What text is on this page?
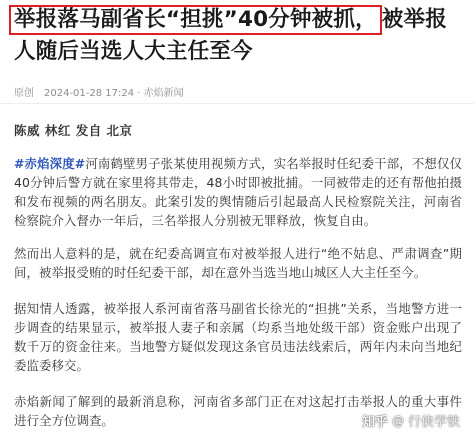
举报落马副省长“担挑”40分钟被抓， 被举报人随后当选人大主任至今
原创 2024-01-28 17:24 · 赤焰新闻
陈威 林红 发自 北京

#赤焰深度#河南鹤壁男子张某使用视频方式，实名举报时任纪委干部，不想仅仅40分钟后警方就在家里将其带走，48小时即被批捕。一同被带走的还有帮他拍摄和发布视频的两名朋友。此案引发的舆情随后引起最高人民检察院关注，河南省检察院介入督办一年后，三名举报人分别被无罪释放，恢复自由。

然而出人意料的是，就在纪委高调宣布对被举报人进行“绝不姑息、严肃调查”期间，被举报受贿的时任纪委干部，却在意外当选当地山城区人大主任至今。

据知情人透露，被举报人系河南省落马副省长徐光的“担挑”关系，当地警方进一步调查的结果显示，被举报人妻子和亲属（均系当地处级干部）资金账户出现了数千万的资金往来。当地警方疑似发现这条官员违法线索后，两年内未向当地纪委监委移交。

赤焰新闻了解到的最新消息称，河南省多部门正在对这起打击举报人的重大事件进行全方位调查。	知乎 @ 行侠学铁
